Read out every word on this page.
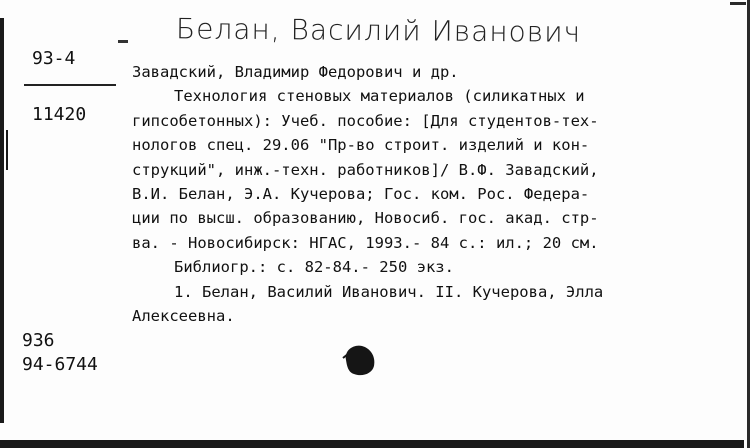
Белан, Василий Иванович
93-4
11420
936
94-6744
Завадский, Владимир Федорович и др.
Технология стеновых материалов (силикатных и
гипсобетонных): Учеб. пособие: [Для студентов-тех-
нологов спец. 29.06 "Пр-во строит. изделий и кон-
струкций", инж.-техн. работников]/ В.Ф. Завадский,
В.И. Белан, Э.А. Кучерова; Гос. ком. Рос. Федера-
ции по высш. образованию, Новосиб. гос. акад. стр-
ва. - Новосибирск: НГАС, 1993.- 84 с.: ил.; 20 см.
Библиогр.: с. 82-84.- 250 экз.
1. Белан, Василий Иванович. II. Кучерова, Элла
Алексеевна.
